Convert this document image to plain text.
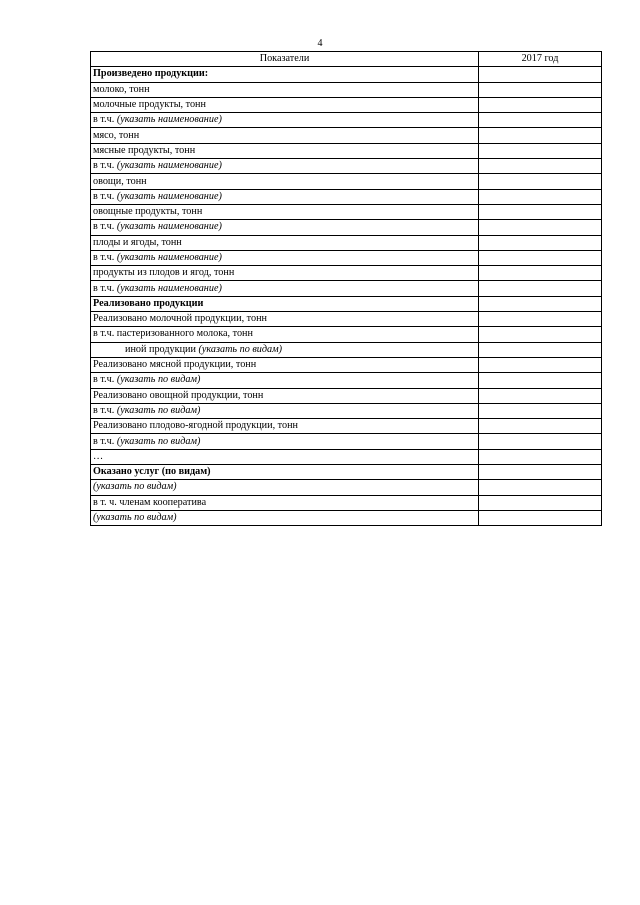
4
Показатели	2017 год
Произведено продукции:	
молоко, тонн	
молочные продукты, тонн	
в т.ч. (указать наименование)	
мясо, тонн	
мясные продукты, тонн	
в т.ч. (указать наименование)	
овощи, тонн	
в т.ч. (указать наименование)	
овощные продукты, тонн	
в т.ч. (указать наименование)	
плоды и ягоды, тонн	
в т.ч. (указать наименование)	
продукты из плодов и ягод, тонн	
в т.ч. (указать наименование)	
Реализовано продукции	
Реализовано молочной продукции, тонн	
в т.ч. пастеризованного молока, тонн	
иной продукции (указать по видам)	
Реализовано мясной продукции, тонн	
в т.ч. (указать по видам)	
Реализовано овощной продукции, тонн	
в т.ч. (указать по видам)	
Реализовано плодово-ягодной продукции, тонн	
в т.ч. (указать по видам)	
…	
Оказано услуг (по видам)	
(указать по видам)	
в т. ч. членам кооператива	
(указать по видам)	
